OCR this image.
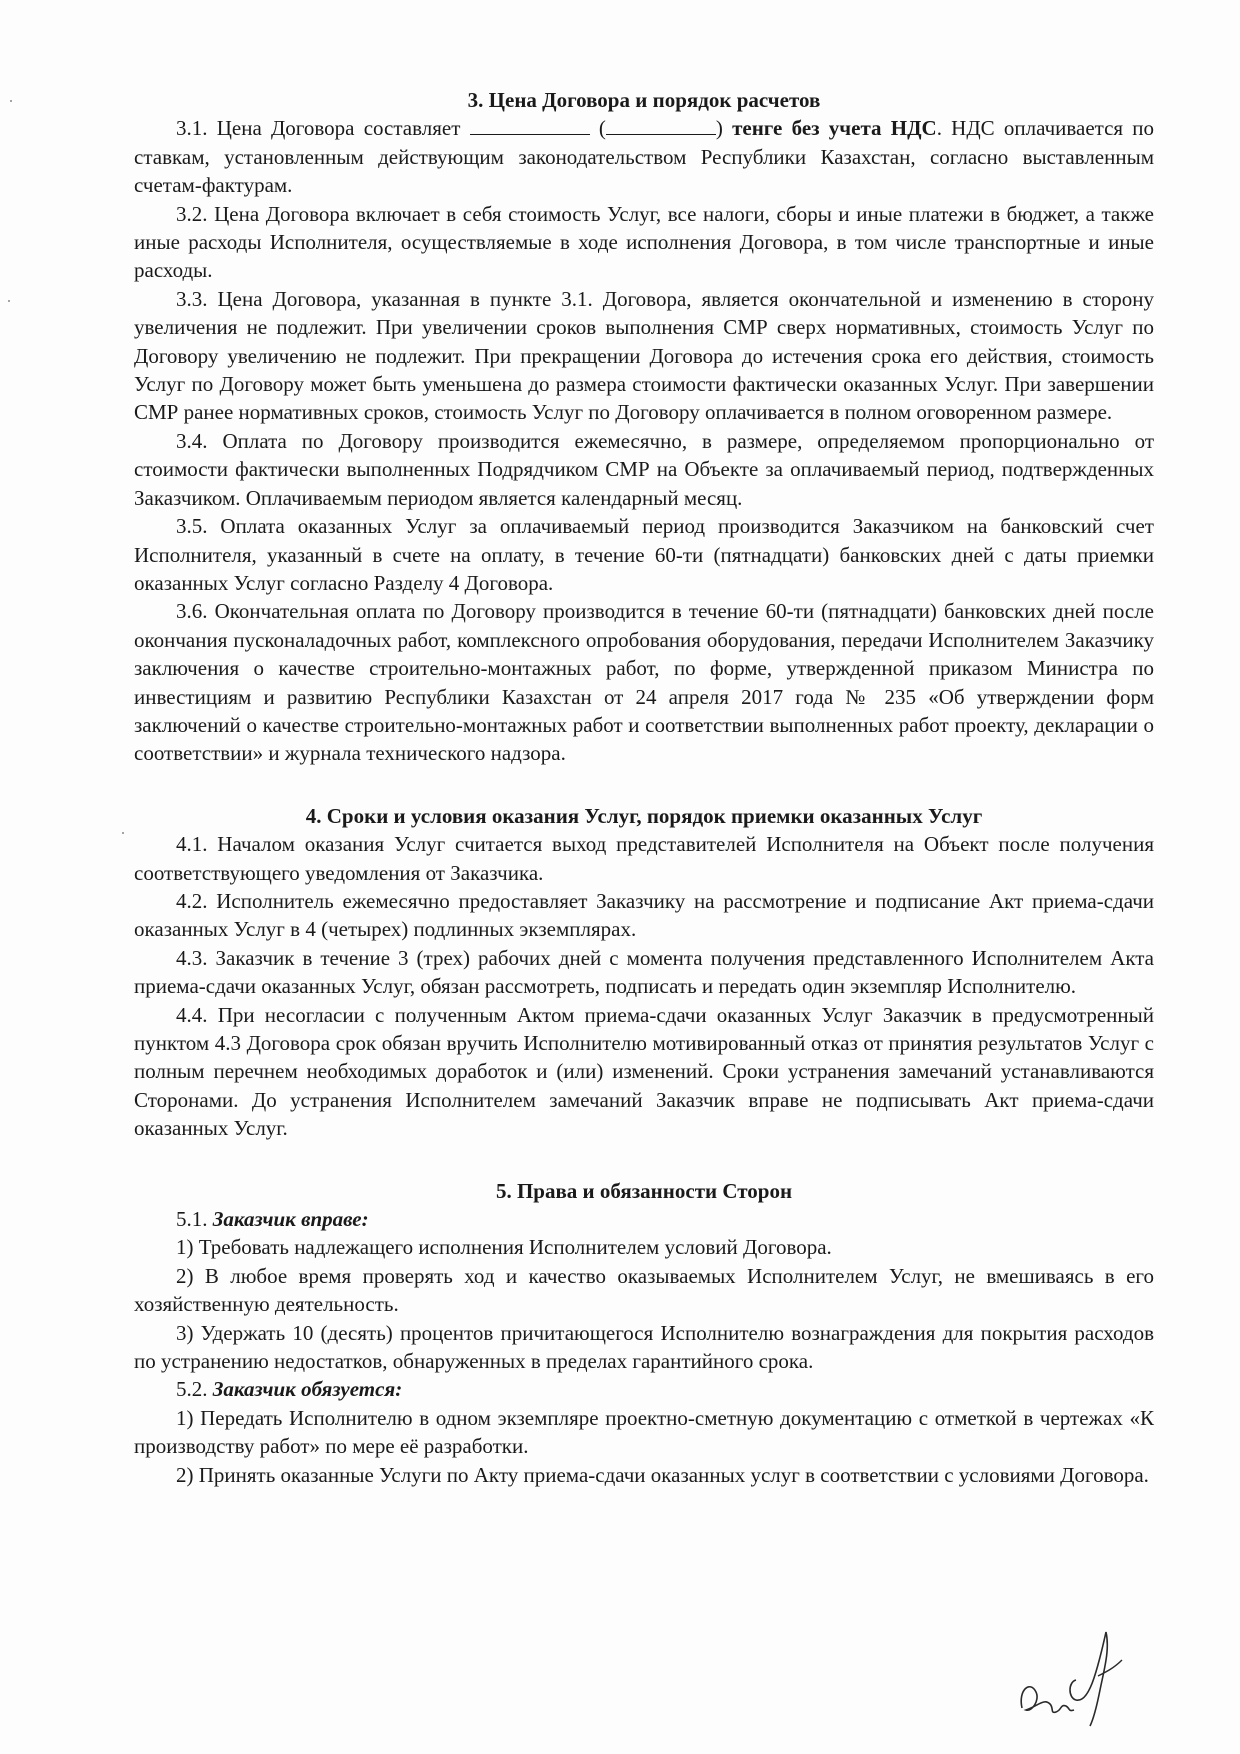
3. Цена Договора и порядок расчетов

3.1. Цена Договора составляет	(	) тенге без учета НДС. НДС оплачивается по ставкам, установленным действующим законодательством Республики Казахстан, согласно выставленным счетам-фактурам.

3.2. Цена Договора включает в себя стоимость Услуг, все налоги, сборы и иные платежи в бюджет, а также иные расходы Исполнителя, осуществляемые в ходе исполнения Договора, в том числе транспортные и иные расходы.

3.3. Цена Договора, указанная в пункте 3.1. Договора, является окончательной и изменению в сторону увеличения не подлежит. При увеличении сроков выполнения СМР сверх нормативных, стоимость Услуг по Договору увеличению не подлежит. При прекращении Договора до истечения срока его действия, стоимость Услуг по Договору может быть уменьшена до размера стоимости фактически оказанных Услуг. При завершении СМР ранее нормативных сроков, стоимость Услуг по Договору оплачивается в полном оговоренном размере.

3.4. Оплата по Договору производится ежемесячно, в размере, определяемом пропорционально от стоимости фактически выполненных Подрядчиком СМР на Объекте за оплачиваемый период, подтвержденных Заказчиком. Оплачиваемым периодом является календарный месяц.

3.5. Оплата оказанных Услуг за оплачиваемый период производится Заказчиком на банковский счет Исполнителя, указанный в счете на оплату, в течение 60-ти (пятнадцати) банковских дней с даты приемки оказанных Услуг согласно Разделу 4 Договора.

3.6. Окончательная оплата по Договору производится в течение 60-ти (пятнадцати) банковских дней после окончания пусконаладочных работ, комплексного опробования оборудования, передачи Исполнителем Заказчику заключения о качестве строительно-монтажных работ, по форме, утвержденной приказом Министра по инвестициям и развитию Республики Казахстан от 24 апреля 2017 года № 235 «Об утверждении форм заключений о качестве строительно-монтажных работ и соответствии выполненных работ проекту, декларации о соответствии» и журнала технического надзора.

4. Сроки и условия оказания Услуг, порядок приемки оказанных Услуг

4.1. Началом оказания Услуг считается выход представителей Исполнителя на Объект после получения соответствующего уведомления от Заказчика.

4.2. Исполнитель ежемесячно предоставляет Заказчику на рассмотрение и подписание Акт приема-сдачи оказанных Услуг в 4 (четырех) подлинных экземплярах.

4.3. Заказчик в течение 3 (трех) рабочих дней с момента получения представленного Исполнителем Акта приема-сдачи оказанных Услуг, обязан рассмотреть, подписать и передать один экземпляр Исполнителю.

4.4. При несогласии с полученным Актом приема-сдачи оказанных Услуг Заказчик в предусмотренный пунктом 4.3 Договора срок обязан вручить Исполнителю мотивированный отказ от принятия результатов Услуг с полным перечнем необходимых доработок и (или) изменений. Сроки устранения замечаний устанавливаются Сторонами. До устранения Исполнителем замечаний Заказчик вправе не подписывать Акт приема-сдачи оказанных Услуг.

5. Права и обязанности Сторон

5.1. Заказчик вправе:

1) Требовать надлежащего исполнения Исполнителем условий Договора.

2) В любое время проверять ход и качество оказываемых Исполнителем Услуг, не вмешиваясь в его хозяйственную деятельность.

3) Удержать 10 (десять) процентов причитающегося Исполнителю вознаграждения для покрытия расходов по устранению недостатков, обнаруженных в пределах гарантийного срока.

5.2. Заказчик обязуется:

1) Передать Исполнителю в одном экземпляре проектно-сметную документацию с отметкой в чертежах «К производству работ» по мере её разработки.

2) Принять оказанные Услуги по Акту приема-сдачи оказанных услуг в соответствии с условиями Договора.
